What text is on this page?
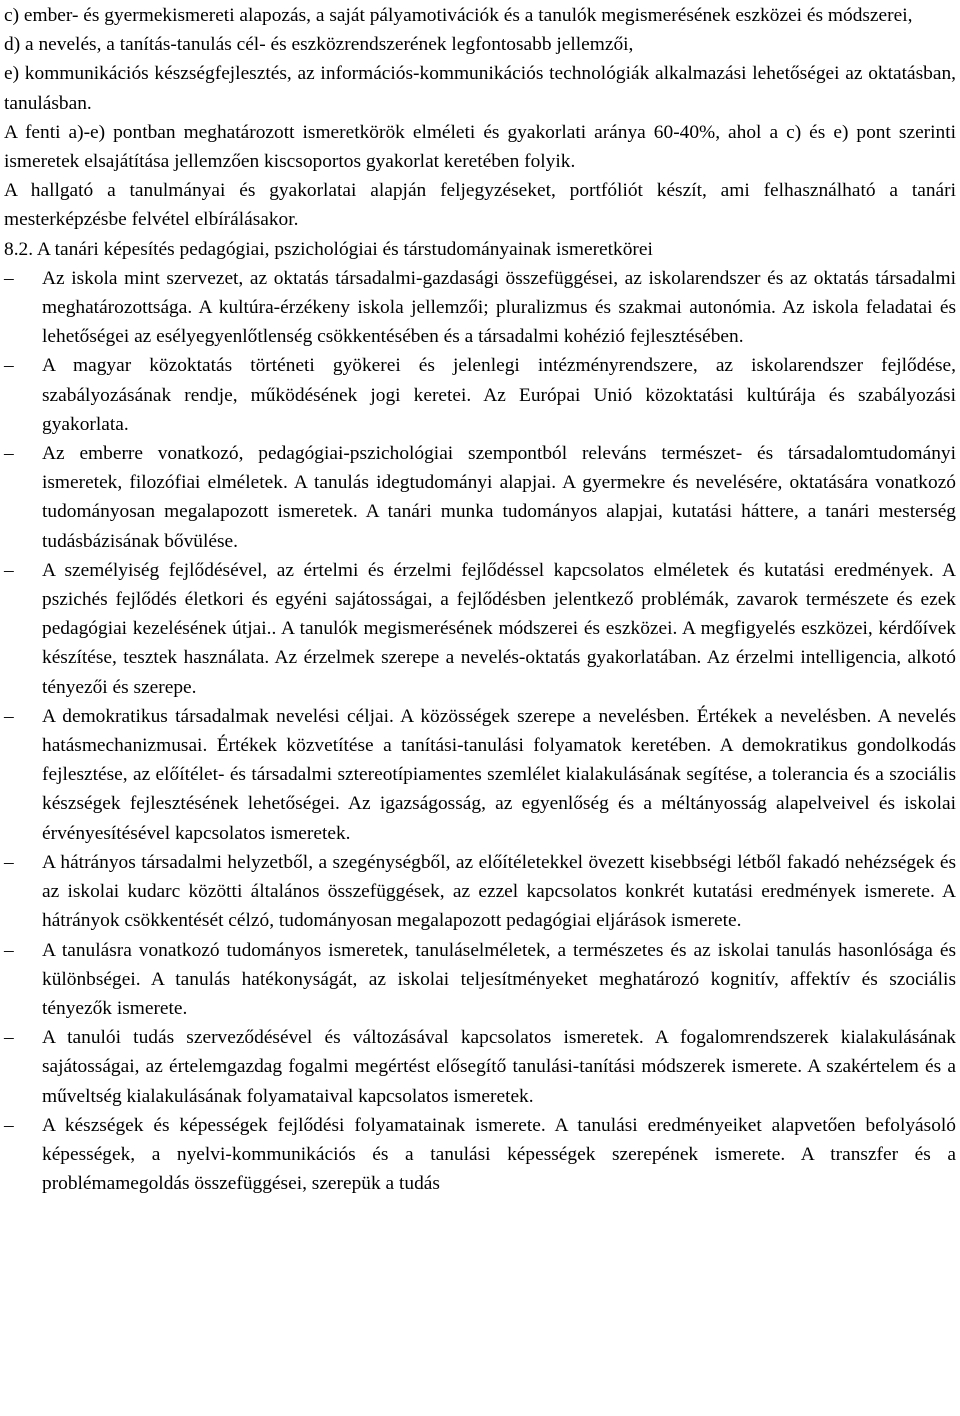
c) ember- és gyermekismereti alapozás, a saját pályamotivációk és a tanulók megismerésének eszközei és módszerei,

d) a nevelés, a tanítás-tanulás cél- és eszközrendszerének legfontosabb jellemzői,

e) kommunikációs készségfejlesztés, az információs-kommunikációs technológiák alkalmazási lehetőségei az oktatásban, tanulásban.

A fenti a)-e) pontban meghatározott ismeretkörök elméleti és gyakorlati aránya 60-40%, ahol a c) és e) pont szerinti ismeretek elsajátítása jellemzően kiscsoportos gyakorlat keretében folyik.

A hallgató a tanulmányai és gyakorlatai alapján feljegyzéseket, portfóliót készít, ami felhasználható a tanári mesterképzésbe felvétel elbírálásakor.

8.2. A tanári képesítés pedagógiai, pszichológiai és társtudományainak ismeretkörei

–	Az iskola mint szervezet, az oktatás társadalmi-gazdasági összefüggései, az iskolarendszer és az oktatás társadalmi meghatározottsága. A kultúra-érzékeny iskola jellemzői; pluralizmus és szakmai autonómia. Az iskola feladatai és lehetőségei az esélyegyenlőtlenség csökkentésében és a társadalmi kohézió fejlesztésében.
–	A magyar közoktatás történeti gyökerei és jelenlegi intézményrendszere, az iskolarendszer fejlődése, szabályozásának rendje, működésének jogi keretei. Az Európai Unió közoktatási kultúrája és szabályozási gyakorlata.
–	Az emberre vonatkozó, pedagógiai-pszichológiai szempontból releváns természet- és társadalomtudományi ismeretek, filozófiai elméletek. A tanulás idegtudományi alapjai. A gyermekre és nevelésére, oktatására vonatkozó tudományosan megalapozott ismeretek. A tanári munka tudományos alapjai, kutatási háttere, a tanári mesterség tudásbázisának bővülése.
–	A személyiség fejlődésével, az értelmi és érzelmi fejlődéssel kapcsolatos elméletek és kutatási eredmények. A pszichés fejlődés életkori és egyéni sajátosságai, a fejlődésben jelentkező problémák, zavarok természete és ezek pedagógiai kezelésének útjai.. A tanulók megismerésének módszerei és eszközei. A megfigyelés eszközei, kérdőívek készítése, tesztek használata. Az érzelmek szerepe a nevelés-oktatás gyakorlatában. Az érzelmi intelligencia, alkotó tényezői és szerepe.
–	A demokratikus társadalmak nevelési céljai. A közösségek szerepe a nevelésben. Értékek a nevelésben. A nevelés hatásmechanizmusai. Értékek közvetítése a tanítási-tanulási folyamatok keretében. A demokratikus gondolkodás fejlesztése, az előítélet- és társadalmi sztereotípiamentes szemlélet kialakulásának segítése, a tolerancia és a szociális készségek fejlesztésének lehetőségei. Az igazságosság, az egyenlőség és a méltányosság alapelveivel és iskolai érvényesítésével kapcsolatos ismeretek.
–	A hátrányos társadalmi helyzetből, a szegénységből, az előítéletekkel övezett kisebbségi létből fakadó nehézségek és az iskolai kudarc közötti általános összefüggések, az ezzel kapcsolatos konkrét kutatási eredmények ismerete. A hátrányok csökkentését célzó, tudományosan megalapozott pedagógiai eljárások ismerete.
–	A tanulásra vonatkozó tudományos ismeretek, tanuláselméletek, a természetes és az iskolai tanulás hasonlósága és különbségei. A tanulás hatékonyságát, az iskolai teljesítményeket meghatározó kognitív, affektív és szociális tényezők ismerete.
–	A tanulói tudás szerveződésével és változásával kapcsolatos ismeretek. A fogalomrendszerek kialakulásának sajátosságai, az értelemgazdag fogalmi megértést elősegítő tanulási-tanítási módszerek ismerete. A szakértelem és a műveltség kialakulásának folyamataival kapcsolatos ismeretek.
–	A készségek és képességek fejlődési folyamatainak ismerete. A tanulási eredményeiket alapvetően befolyásoló képességek, a nyelvi-kommunikációs és a tanulási képességek szerepének ismerete. A transzfer és a problémamegoldás összefüggései, szerepük a tudás
